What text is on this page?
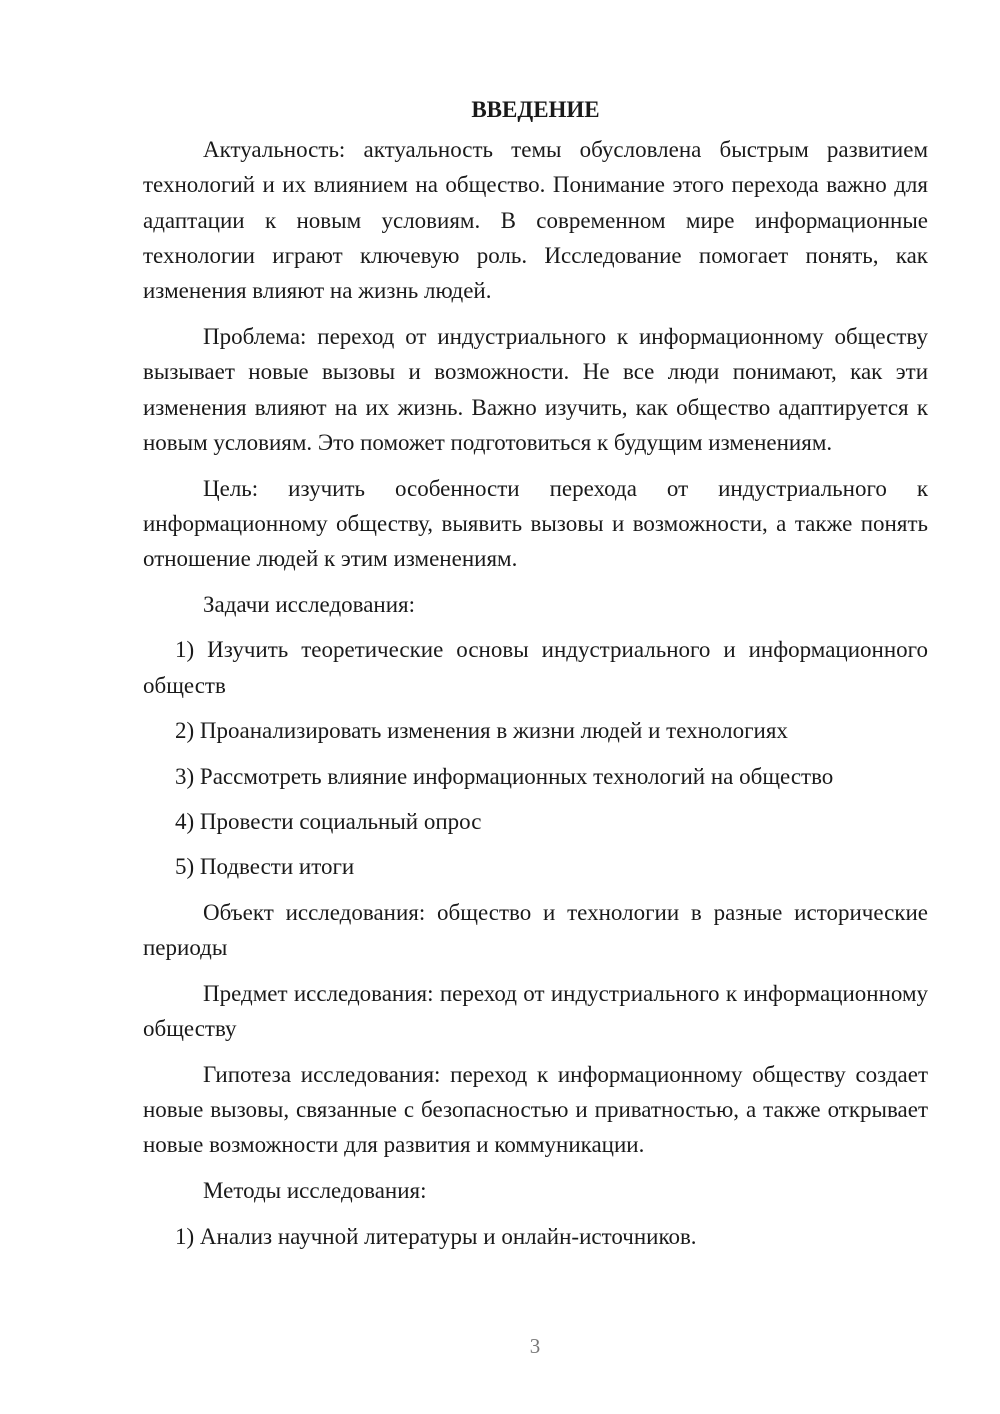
ВВЕДЕНИЕ

Актуальность: актуальность темы обусловлена быстрым развитием технологий и их влиянием на общество. Понимание этого перехода важно для адаптации к новым условиям. В современном мире информационные технологии играют ключевую роль. Исследование помогает понять, как изменения влияют на жизнь людей.

Проблема: переход от индустриального к информационному обществу вызывает новые вызовы и возможности. Не все люди понимают, как эти изменения влияют на их жизнь. Важно изучить, как общество адаптируется к новым условиям. Это поможет подготовиться к будущим изменениям.

Цель: изучить особенности перехода от индустриального к информационному обществу, выявить вызовы и возможности, а также понять отношение людей к этим изменениям.

Задачи исследования:

1) Изучить теоретические основы индустриального и информационного обществ

2) Проанализировать изменения в жизни людей и технологиях

3) Рассмотреть влияние информационных технологий на общество

4) Провести социальный опрос

5) Подвести итоги

Объект исследования: общество и технологии в разные исторические периоды

Предмет исследования: переход от индустриального к информационному обществу

Гипотеза исследования: переход к информационному обществу создает новые вызовы, связанные с безопасностью и приватностью, а также открывает новые возможности для развития и коммуникации.

Методы исследования:

1) Анализ научной литературы и онлайн-источников.

3
